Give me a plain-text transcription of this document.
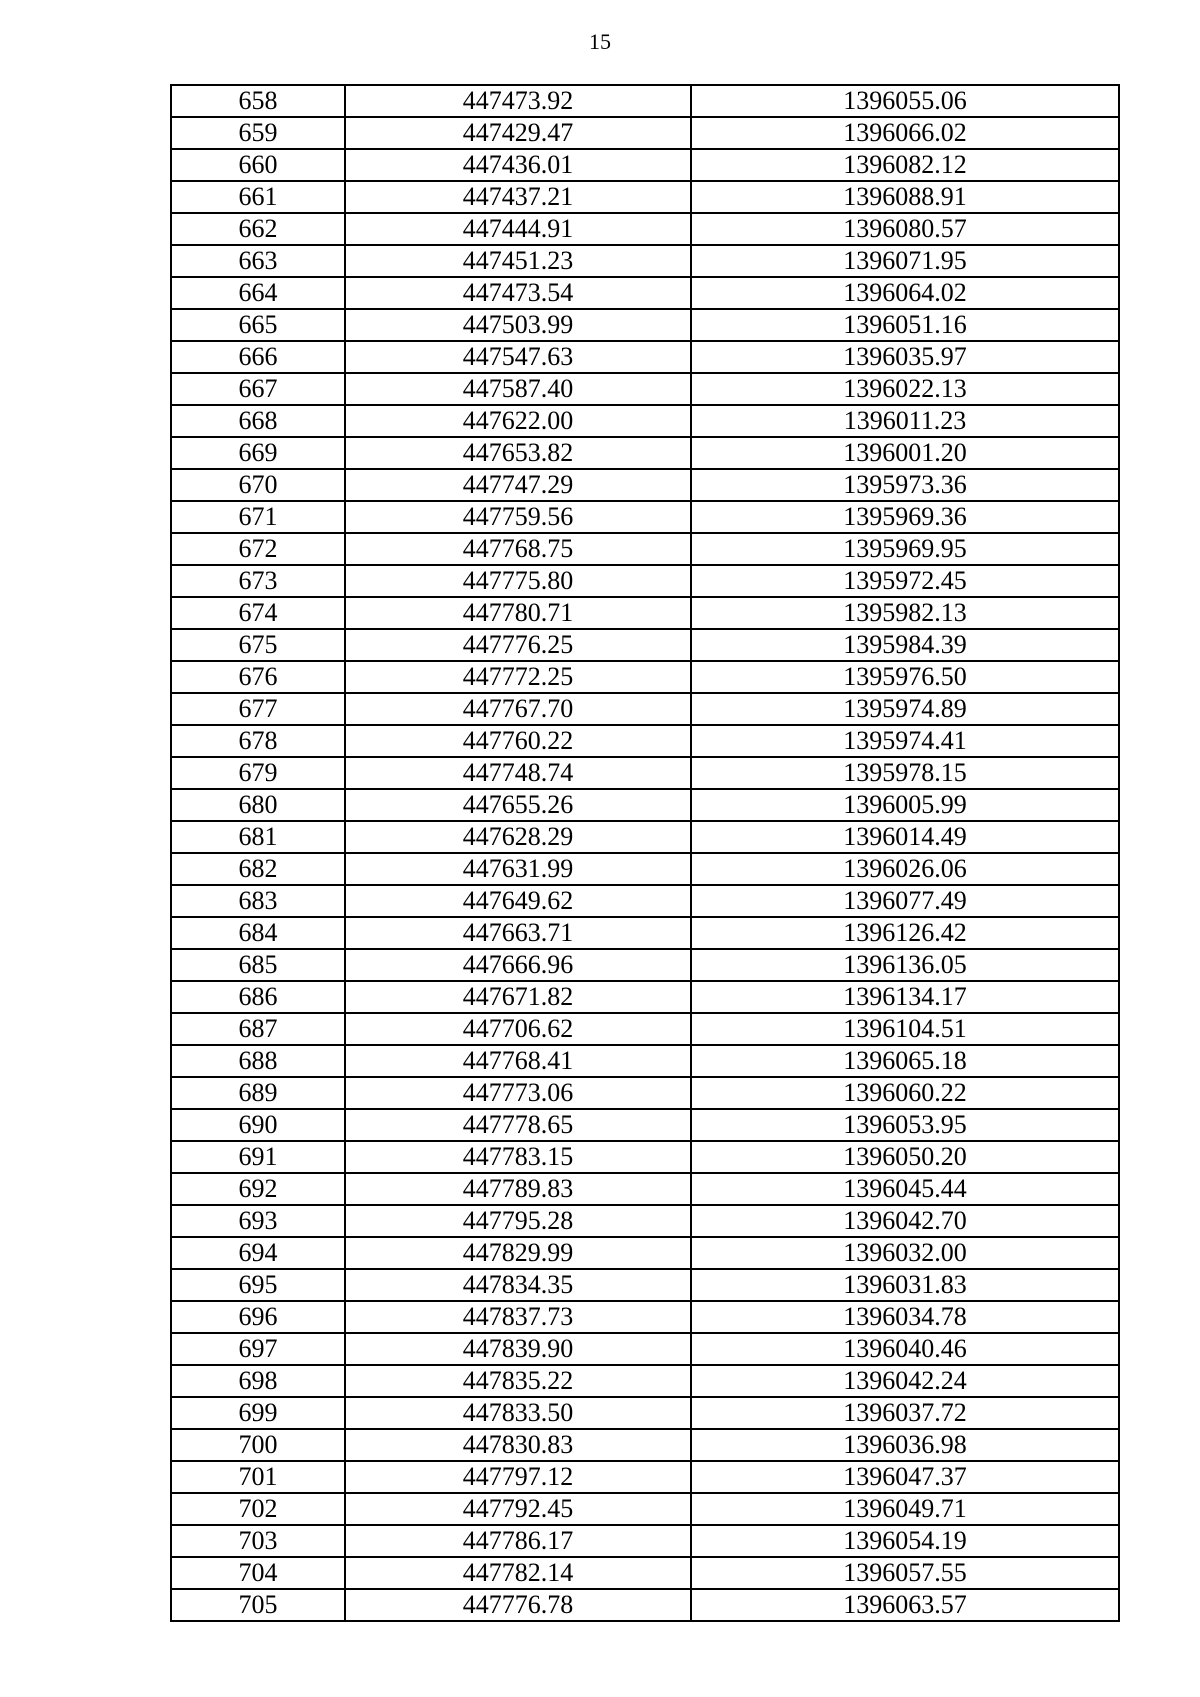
15
658	447473.92	1396055.06
659	447429.47	1396066.02
660	447436.01	1396082.12
661	447437.21	1396088.91
662	447444.91	1396080.57
663	447451.23	1396071.95
664	447473.54	1396064.02
665	447503.99	1396051.16
666	447547.63	1396035.97
667	447587.40	1396022.13
668	447622.00	1396011.23
669	447653.82	1396001.20
670	447747.29	1395973.36
671	447759.56	1395969.36
672	447768.75	1395969.95
673	447775.80	1395972.45
674	447780.71	1395982.13
675	447776.25	1395984.39
676	447772.25	1395976.50
677	447767.70	1395974.89
678	447760.22	1395974.41
679	447748.74	1395978.15
680	447655.26	1396005.99
681	447628.29	1396014.49
682	447631.99	1396026.06
683	447649.62	1396077.49
684	447663.71	1396126.42
685	447666.96	1396136.05
686	447671.82	1396134.17
687	447706.62	1396104.51
688	447768.41	1396065.18
689	447773.06	1396060.22
690	447778.65	1396053.95
691	447783.15	1396050.20
692	447789.83	1396045.44
693	447795.28	1396042.70
694	447829.99	1396032.00
695	447834.35	1396031.83
696	447837.73	1396034.78
697	447839.90	1396040.46
698	447835.22	1396042.24
699	447833.50	1396037.72
700	447830.83	1396036.98
701	447797.12	1396047.37
702	447792.45	1396049.71
703	447786.17	1396054.19
704	447782.14	1396057.55
705	447776.78	1396063.57
